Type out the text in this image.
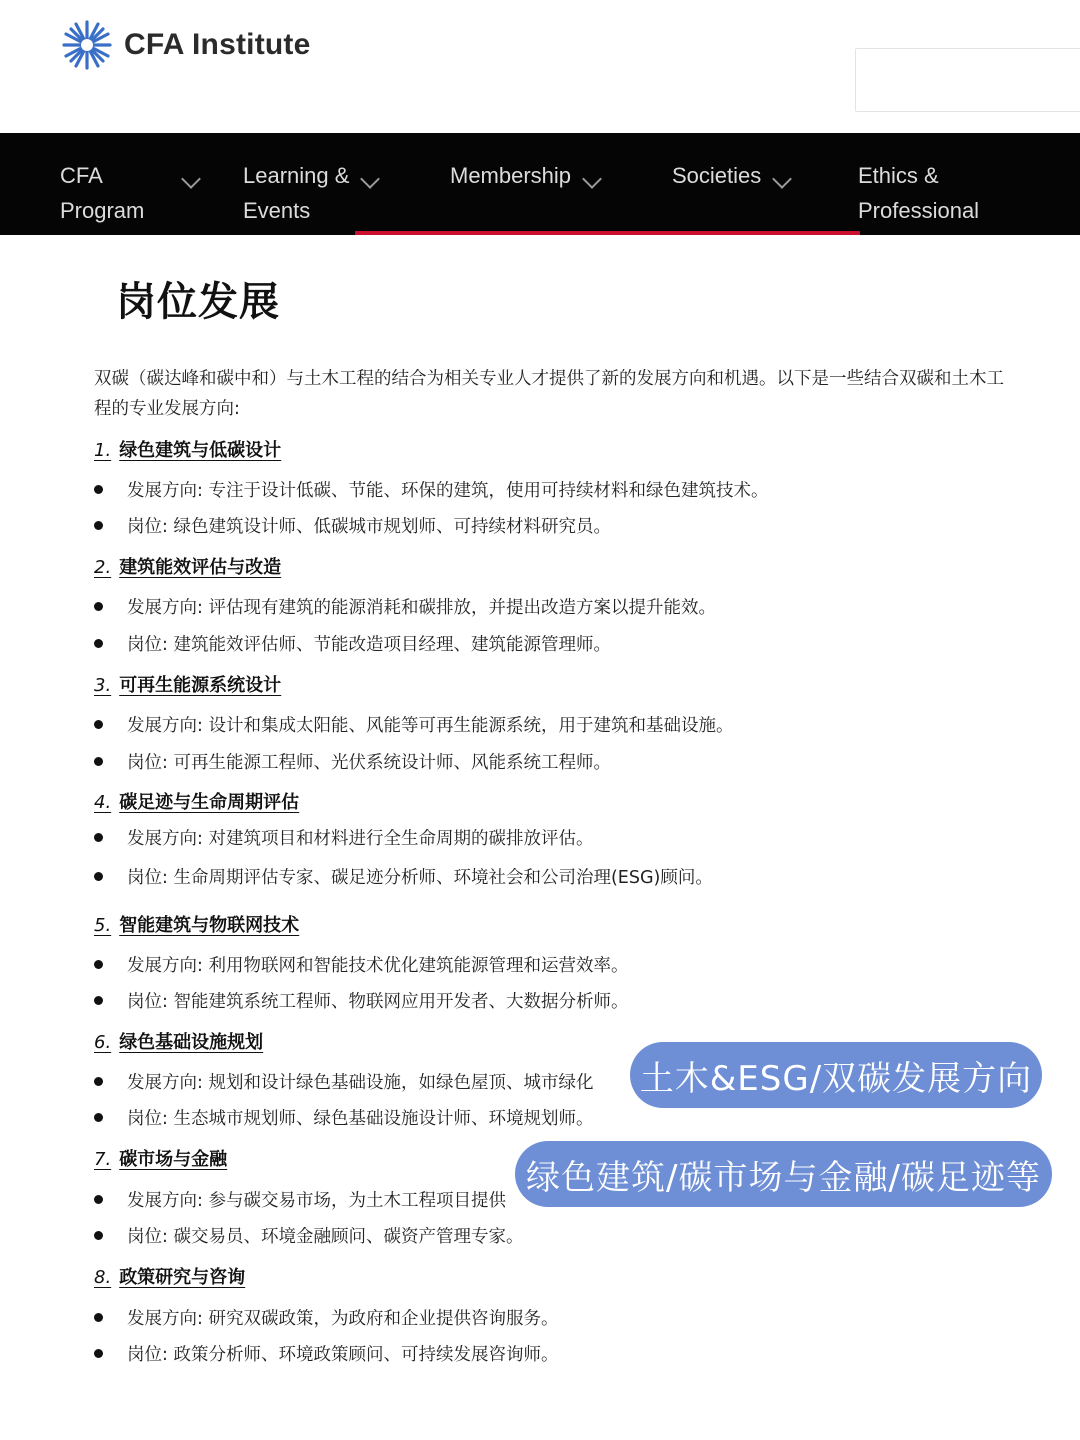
CFA Institute
CFA
Program
Learning &
Events
Membership	Societies	Ethics &
Professional
岗位发展
双碳（碳达峰和碳中和）与土木工程的结合为相关专业人才提供了新的发展方向和机遇。以下是一些结合双碳和土木工程的专业发展方向:
1. 绿色建筑与低碳设计
发展方向: 专注于设计低碳、节能、环保的建筑，使用可持续材料和绿色建筑技术。
岗位: 绿色建筑设计师、低碳城市规划师、可持续材料研究员。
2. 建筑能效评估与改造
发展方向: 评估现有建筑的能源消耗和碳排放，并提出改造方案以提升能效。
岗位: 建筑能效评估师、节能改造项目经理、建筑能源管理师。
3. 可再生能源系统设计
发展方向: 设计和集成太阳能、风能等可再生能源系统，用于建筑和基础设施。
岗位: 可再生能源工程师、光伏系统设计师、风能系统工程师。
4. 碳足迹与生命周期评估
发展方向: 对建筑项目和材料进行全生命周期的碳排放评估。
岗位: 生命周期评估专家、碳足迹分析师、环境社会和公司治理(ESG)顾问。
5. 智能建筑与物联网技术
发展方向: 利用物联网和智能技术优化建筑能源管理和运营效率。
岗位: 智能建筑系统工程师、物联网应用开发者、大数据分析师。
6. 绿色基础设施规划
发展方向: 规划和设计绿色基础设施，如绿色屋顶、城市绿化
岗位: 生态城市规划师、绿色基础设施设计师、环境规划师。
7. 碳市场与金融
发展方向: 参与碳交易市场，为土木工程项目提供
岗位: 碳交易员、环境金融顾问、碳资产管理专家。
8. 政策研究与咨询
发展方向: 研究双碳政策，为政府和企业提供咨询服务。
岗位: 政策分析师、环境政策顾问、可持续发展咨询师。
土木&ESG/双碳发展方向
绿色建筑/碳市场与金融/碳足迹等
